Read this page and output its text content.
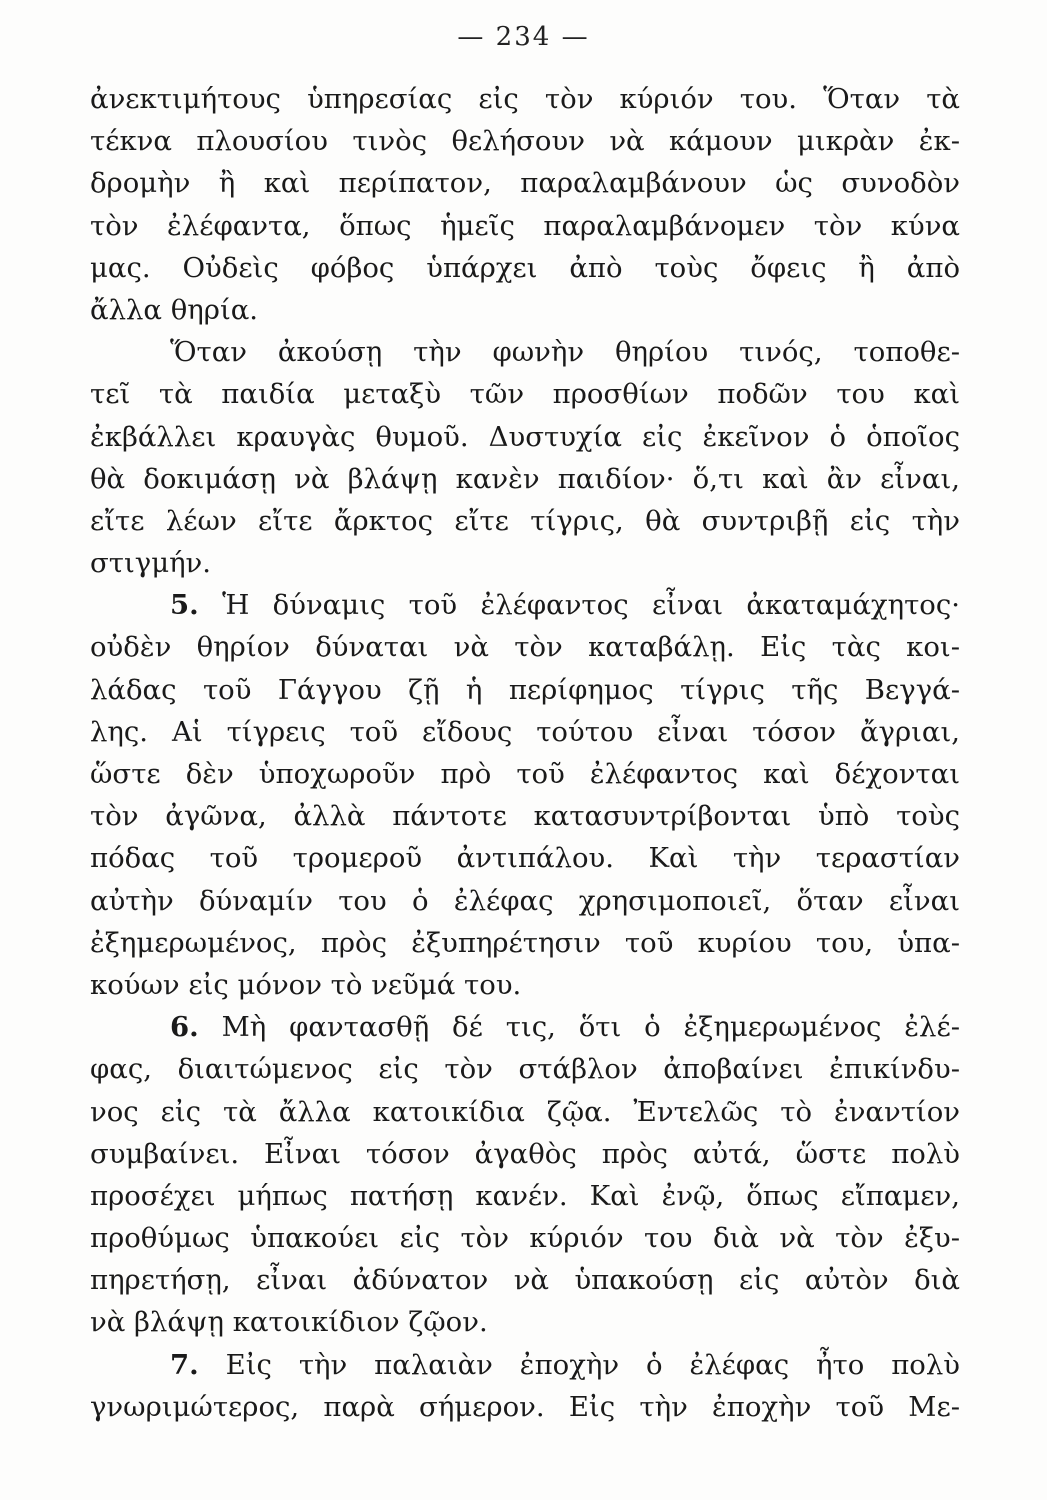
— 234 —
ἀνεκτιμήτους ὑπηρεσίας εἰς τὸν κύριόν του. Ὅταν τὰ
τέκνα πλουσίου τινὸς θελήσουν νὰ κάμουν μικρὰν ἐκ-
δρομὴν ἢ καὶ περίπατον, παραλαμβάνουν ὡς συνοδὸν
τὸν ἐλέφαντα, ὅπως ἡμεῖς παραλαμβάνομεν τὸν κύνα
μας. Οὐδεὶς φόβος ὑπάρχει ἀπὸ τοὺς ὄφεις ἢ ἀπὸ
ἄλλα θηρία.
Ὅταν ἀκούσῃ τὴν φωνὴν θηρίου τινός, τοποθε-
τεῖ τὰ παιδία μεταξὺ τῶν προσθίων ποδῶν του καὶ
ἐκβάλλει κραυγὰς θυμοῦ. Δυστυχία εἰς ἐκεῖνον ὁ ὁποῖος
θὰ δοκιμάσῃ νὰ βλάψῃ κανὲν παιδίον· ὅ,τι καὶ ἂν εἶναι,
εἴτε λέων εἴτε ἄρκτος εἴτε τίγρις, θὰ συντριβῇ εἰς τὴν
στιγμήν.
5. Ἡ δύναμις τοῦ ἐλέφαντος εἶναι ἀκαταμάχητος·
οὐδὲν θηρίον δύναται νὰ τὸν καταβάλῃ. Εἰς τὰς κοι-
λάδας τοῦ Γάγγου ζῇ ἡ περίφημος τίγρις τῆς Βεγγά-
λης. Αἱ τίγρεις τοῦ εἴδους τούτου εἶναι τόσον ἄγριαι,
ὥστε δὲν ὑποχωροῦν πρὸ τοῦ ἐλέφαντος καὶ δέχονται
τὸν ἀγῶνα, ἀλλὰ πάντοτε κατασυντρίβονται ὑπὸ τοὺς
πόδας τοῦ τρομεροῦ ἀντιπάλου. Καὶ τὴν τεραστίαν
αὐτὴν δύναμίν του ὁ ἐλέφας χρησιμοποιεῖ, ὅταν εἶναι
ἐξημερωμένος, πρὸς ἐξυπηρέτησιν τοῦ κυρίου του, ὑπα-
κούων εἰς μόνον τὸ νεῦμά του.
6. Μὴ φαντασθῇ δέ τις, ὅτι ὁ ἐξημερωμένος ἐλέ-
φας, διαιτώμενος εἰς τὸν στάβλον ἀποβαίνει ἐπικίνδυ-
νος εἰς τὰ ἄλλα κατοικίδια ζῷα. Ἐντελῶς τὸ ἐναντίον
συμβαίνει. Εἶναι τόσον ἀγαθὸς πρὸς αὐτά, ὥστε πολὺ
προσέχει μήπως πατήσῃ κανέν. Καὶ ἐνῷ, ὅπως εἴπαμεν,
προθύμως ὑπακούει εἰς τὸν κύριόν του διὰ νὰ τὸν ἐξυ-
πηρετήσῃ, εἶναι ἀδύνατον νὰ ὑπακούσῃ εἰς αὐτὸν διὰ
νὰ βλάψῃ κατοικίδιον ζῷον.
7. Εἰς τὴν παλαιὰν ἐποχὴν ὁ ἐλέφας ἦτο πολὺ
γνωριμώτερος, παρὰ σήμερον. Εἰς τὴν ἐποχὴν τοῦ Με-
